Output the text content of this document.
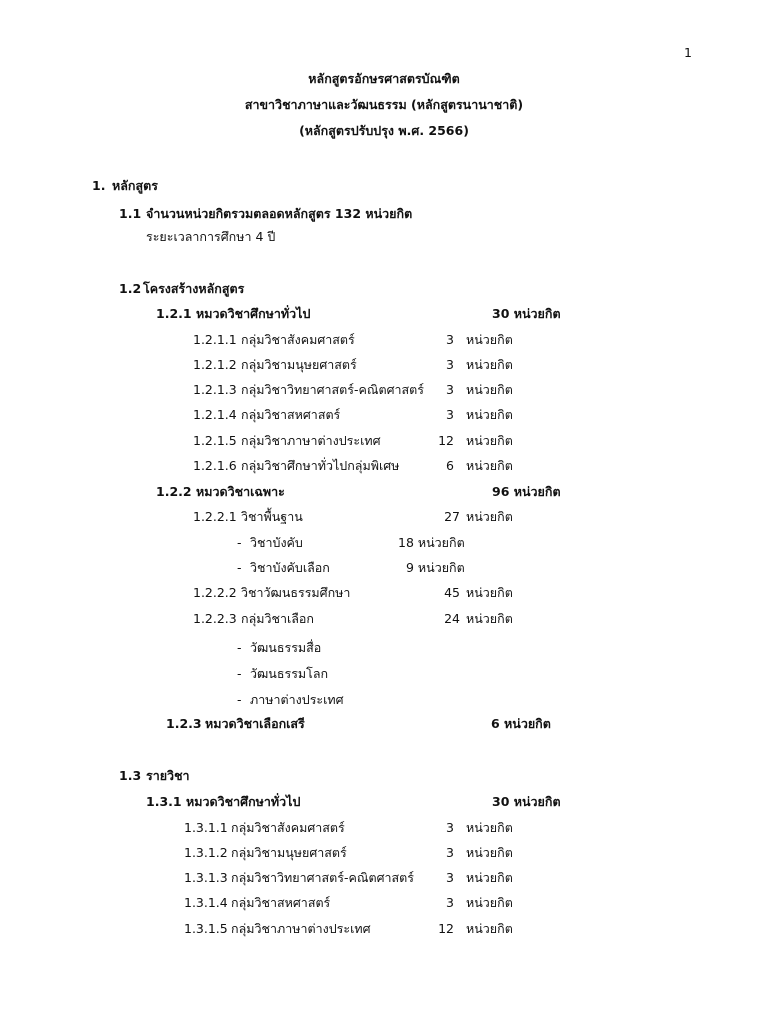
1
หลักสูตรอักษรศาสตรบัณฑิต
สาขาวิชาภาษาและวัฒนธรรม (หลักสูตรนานาชาติ)
(หลักสูตรปรับปรุง พ.ศ. 2566)
1. หลักสูตร
1.1 จำนวนหน่วยกิตรวมตลอดหลักสูตร 132 หน่วยกิต
ระยะเวลาการศึกษา 4 ปี
1.2 โครงสร้างหลักสูตร
1.2.1 หมวดวิชาศึกษาทั่วไป	30 หน่วยกิต
1.2.1.1 กลุ่มวิชาสังคมศาสตร์	3 หน่วยกิต
1.2.1.2 กลุ่มวิชามนุษยศาสตร์	3 หน่วยกิต
1.2.1.3 กลุ่มวิชาวิทยาศาสตร์-คณิตศาสตร์	3 หน่วยกิต
1.2.1.4 กลุ่มวิชาสหศาสตร์	3 หน่วยกิต
1.2.1.5 กลุ่มวิชาภาษาต่างประเทศ	12 หน่วยกิต
1.2.1.6 กลุ่มวิชาศึกษาทั่วไปกลุ่มพิเศษ	6 หน่วยกิต
1.2.2 หมวดวิชาเฉพาะ	96 หน่วยกิต
1.2.2.1 วิชาพื้นฐาน	27 หน่วยกิต
- วิชาบังคับ	18 หน่วยกิต
- วิชาบังคับเลือก	9 หน่วยกิต
1.2.2.2 วิชาวัฒนธรรมศึกษา	45 หน่วยกิต
1.2.2.3 กลุ่มวิชาเลือก	24 หน่วยกิต
- วัฒนธรรมสื่อ
- วัฒนธรรมโลก
- ภาษาต่างประเทศ
1.2.3 หมวดวิชาเลือกเสรี	6 หน่วยกิต
1.3 รายวิชา
1.3.1 หมวดวิชาศึกษาทั่วไป	30 หน่วยกิต
1.3.1.1 กลุ่มวิชาสังคมศาสตร์	3 หน่วยกิต
1.3.1.2 กลุ่มวิชามนุษยศาสตร์	3 หน่วยกิต
1.3.1.3 กลุ่มวิชาวิทยาศาสตร์-คณิตศาสตร์	3 หน่วยกิต
1.3.1.4 กลุ่มวิชาสหศาสตร์	3 หน่วยกิต
1.3.1.5 กลุ่มวิชาภาษาต่างประเทศ	12 หน่วยกิต
